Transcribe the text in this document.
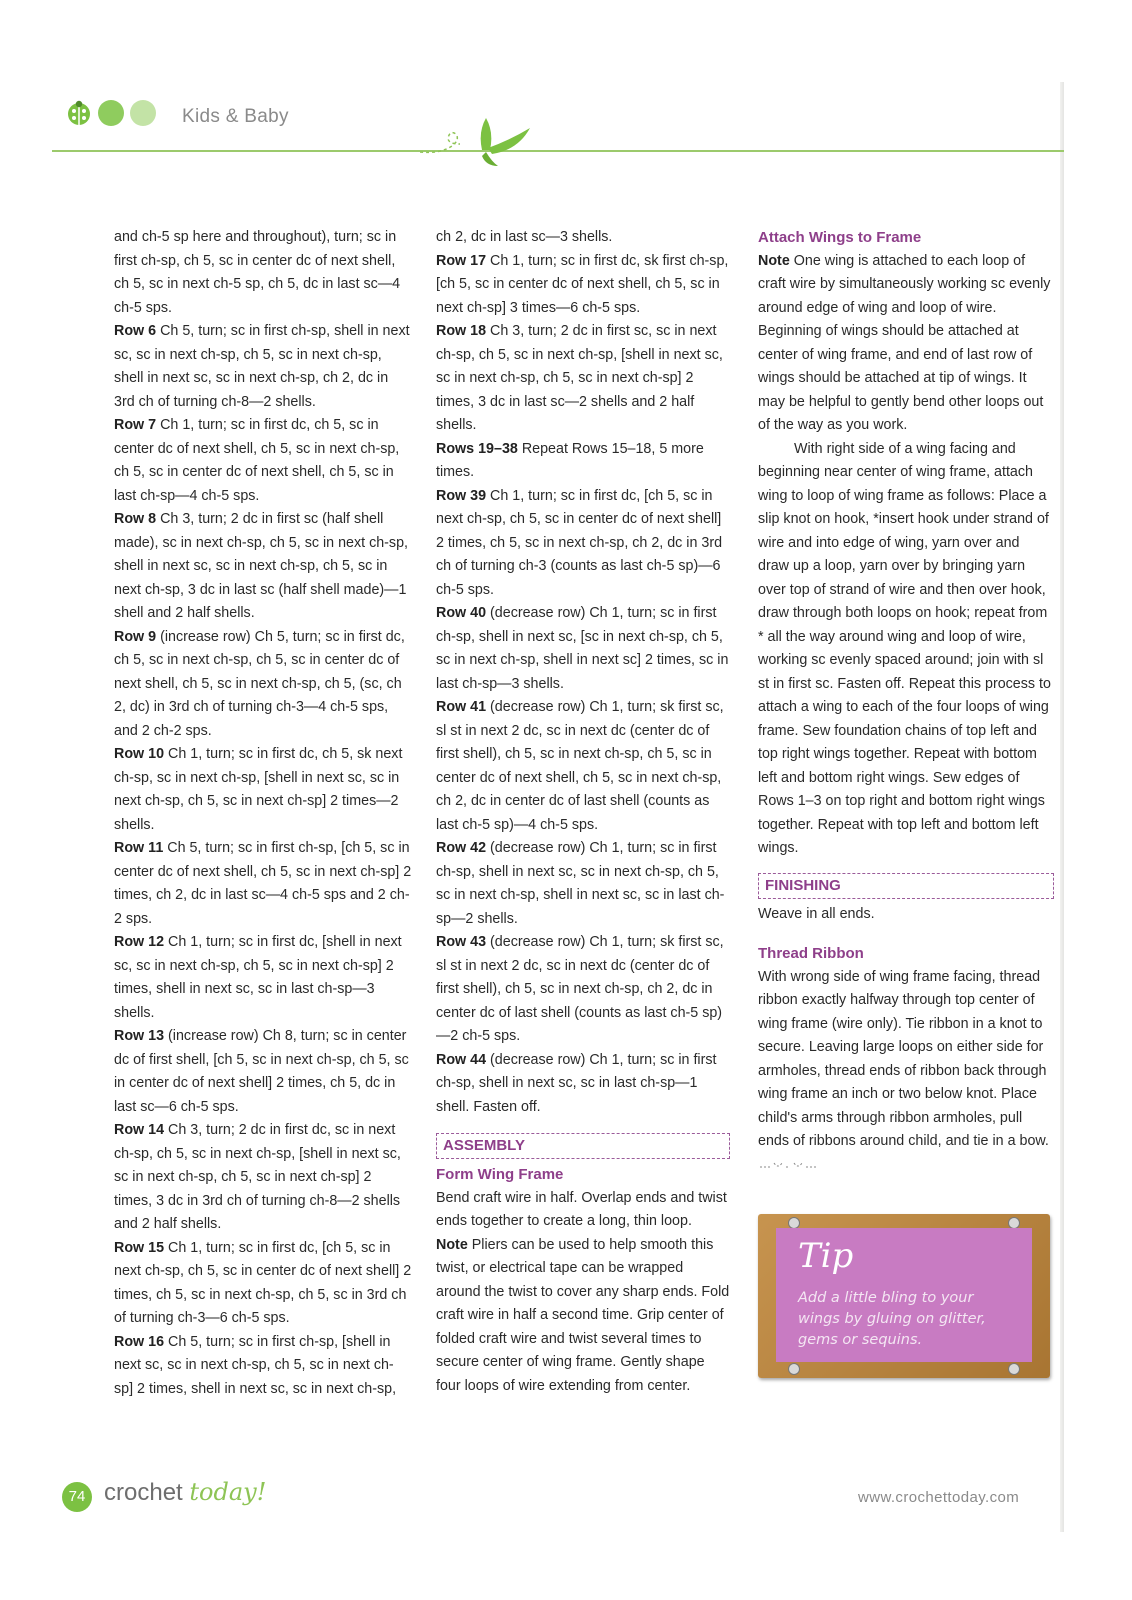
Kids & Baby

and ch-5 sp here and throughout), turn; sc in first ch-sp, ch 5, sc in center dc of next shell, ch 5, sc in next ch-5 sp, ch 5, dc in last sc—4 ch-5 sps.

Row 6 Ch 5, turn; sc in first ch-sp, shell in next sc, sc in next ch-sp, ch 5, sc in next ch-sp, shell in next sc, sc in next ch-sp, ch 2, dc in 3rd ch of turning ch-8—2 shells.

Row 7 Ch 1, turn; sc in first dc, ch 5, sc in center dc of next shell, ch 5, sc in next ch-sp, ch 5, sc in center dc of next shell, ch 5, sc in last ch-sp—4 ch-5 sps.

Row 8 Ch 3, turn; 2 dc in first sc (half shell made), sc in next ch-sp, ch 5, sc in next ch-sp, shell in next sc, sc in next ch-sp, ch 5, sc in next ch-sp, 3 dc in last sc (half shell made)—1 shell and 2 half shells.

Row 9 (increase row) Ch 5, turn; sc in first dc, ch 5, sc in next ch-sp, ch 5, sc in center dc of next shell, ch 5, sc in next ch-sp, ch 5, (sc, ch 2, dc) in 3rd ch of turning ch-3—4 ch-5 sps, and 2 ch-2 sps.

Row 10 Ch 1, turn; sc in first dc, ch 5, sk next ch-sp, sc in next ch-sp, [shell in next sc, sc in next ch-sp, ch 5, sc in next ch-sp] 2 times—2 shells.

Row 11 Ch 5, turn; sc in first ch-sp, [ch 5, sc in center dc of next shell, ch 5, sc in next ch-sp] 2 times, ch 2, dc in last sc—4 ch-5 sps and 2 ch-2 sps.

Row 12 Ch 1, turn; sc in first dc, [shell in next sc, sc in next ch-sp, ch 5, sc in next ch-sp] 2 times, shell in next sc, sc in last ch-sp—3 shells.

Row 13 (increase row) Ch 8, turn; sc in center dc of first shell, [ch 5, sc in next ch-sp, ch 5, sc in center dc of next shell] 2 times, ch 5, dc in last sc—6 ch-5 sps.

Row 14 Ch 3, turn; 2 dc in first dc, sc in next ch-sp, ch 5, sc in next ch-sp, [shell in next sc, sc in next ch-sp, ch 5, sc in next ch-sp] 2 times, 3 dc in 3rd ch of turning ch-8—2 shells and 2 half shells.

Row 15 Ch 1, turn; sc in first dc, [ch 5, sc in next ch-sp, ch 5, sc in center dc of next shell] 2 times, ch 5, sc in next ch-sp, ch 5, sc in 3rd ch of turning ch-3—6 ch-5 sps.

Row 16 Ch 5, turn; sc in first ch-sp, [shell in next sc, sc in next ch-sp, ch 5, sc in next ch-sp] 2 times, shell in next sc, sc in next ch-sp,

ch 2, dc in last sc—3 shells.

Row 17 Ch 1, turn; sc in first dc, sk first ch-sp, [ch 5, sc in center dc of next shell, ch 5, sc in next ch-sp] 3 times—6 ch-5 sps.

Row 18 Ch 3, turn; 2 dc in first sc, sc in next ch-sp, ch 5, sc in next ch-sp, [shell in next sc, sc in next ch-sp, ch 5, sc in next ch-sp] 2 times, 3 dc in last sc—2 shells and 2 half shells.

Rows 19–38 Repeat Rows 15–18, 5 more times.

Row 39 Ch 1, turn; sc in first dc, [ch 5, sc in next ch-sp, ch 5, sc in center dc of next shell] 2 times, ch 5, sc in next ch-sp, ch 2, dc in 3rd ch of turning ch-3 (counts as last ch-5 sp)—6 ch-5 sps.

Row 40 (decrease row) Ch 1, turn; sc in first ch-sp, shell in next sc, [sc in next ch-sp, ch 5, sc in next ch-sp, shell in next sc] 2 times, sc in last ch-sp—3 shells.

Row 41 (decrease row) Ch 1, turn; sk first sc, sl st in next 2 dc, sc in next dc (center dc of first shell), ch 5, sc in next ch-sp, ch 5, sc in center dc of next shell, ch 5, sc in next ch-sp, ch 2, dc in center dc of last shell (counts as last ch-5 sp)—4 ch-5 sps.

Row 42 (decrease row) Ch 1, turn; sc in first ch-sp, shell in next sc, sc in next ch-sp, ch 5, sc in next ch-sp, shell in next sc, sc in last ch-sp—2 shells.

Row 43 (decrease row) Ch 1, turn; sk first sc, sl st in next 2 dc, sc in next dc (center dc of first shell), ch 5, sc in next ch-sp, ch 2, dc in center dc of last shell (counts as last ch-5 sp)—2 ch-5 sps.

Row 44 (decrease row) Ch 1, turn; sc in first ch-sp, shell in next sc, sc in last ch-sp—1 shell. Fasten off.

ASSEMBLY

Form Wing Frame

Bend craft wire in half. Overlap ends and twist ends together to create a long, thin loop.

Note Pliers can be used to help smooth this twist, or electrical tape can be wrapped around the twist to cover any sharp ends. Fold craft wire in half a second time. Grip center of folded craft wire and twist several times to secure center of wing frame. Gently shape four loops of wire extending from center.

Attach Wings to Frame

Note One wing is attached to each loop of craft wire by simultaneously working sc evenly around edge of wing and loop of wire. Beginning of wings should be attached at center of wing frame, and end of last row of wings should be attached at tip of wings. It may be helpful to gently bend other loops out of the way as you work.

With right side of a wing facing and beginning near center of wing frame, attach wing to loop of wing frame as follows: Place a slip knot on hook, *insert hook under strand of wire and into edge of wing, yarn over and draw up a loop, yarn over by bringing yarn over top of strand of wire and then over hook, draw through both loops on hook; repeat from * all the way around wing and loop of wire, working sc evenly spaced around; join with sl st in first sc. Fasten off. Repeat this process to attach a wing to each of the four loops of wing frame. Sew foundation chains of top left and top right wings together. Repeat with bottom left and bottom right wings. Sew edges of Rows 1–3 on top right and bottom right wings together. Repeat with top left and bottom left wings.

FINISHING

Weave in all ends.

Thread Ribbon

With wrong side of wing frame facing, thread ribbon exactly halfway through top center of wing frame (wire only). Tie ribbon in a knot to secure. Leaving large loops on either side for armholes, thread ends of ribbon back through wing frame an inch or two below knot. Place child's arms through ribbon armholes, pull ends of ribbons around child, and tie in a bow.

Tip
Add a little bling to your wings by gluing on glitter, gems or sequins.
74 crochet today!	www.crochettoday.com
